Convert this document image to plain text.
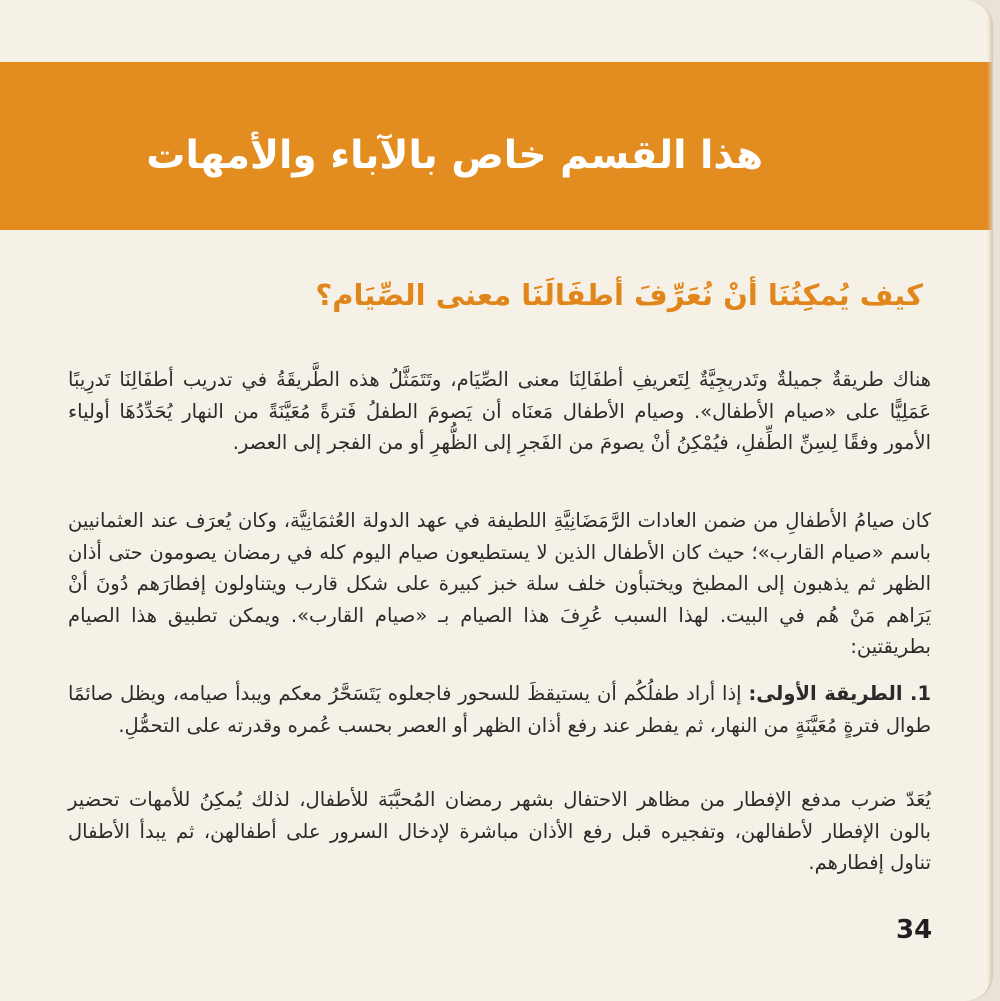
هذا القسم خاص بالآباء والأمهات
كيف يُمكِنُنَا أنْ نُعَرِّفَ أطفَالَنَا معنى الصِّيَام؟

هناك طريقةٌ جميلةٌ وتَدريجِيَّةٌ لِتَعريفِ أطفَالِنَا معنى الصِّيَام، وتَتَمَثَّلُ هذه الطَّريقَةُ في تدريب أطفَالِنَا تَدرِيبًا عَمَلِيًّا على «صيام الأطفال». وصيام الأطفال مَعنَاه أن يَصومَ الطفلُ فَترةً مُعَيَّنَةً من النهار يُحَدِّدُهَا أولياء الأمور وفقًا لِسِنِّ الطِّفلِ، فيُمْكِنُ أنْ يصومَ من الفَجرِ إلى الظُّهرِ أو من الفجر إلى العصر.

كان صيامُ الأطفالِ من ضمن العادات الرَّمَضَانِيَّةِ اللطيفة في عهد الدولة العُثمَانِيَّة، وكان يُعرَف عند العثمانيين باسم «صيام القارب»؛ حيث كان الأطفال الذين لا يستطيعون صيام اليوم كله في رمضان يصومون حتى أذان الظهر ثم يذهبون إلى المطبخ ويختبأون خلف سلة خبز كبيرة على شكل قارب ويتناولون إفطارَهم دُونَ أنْ يَرَاهم مَنْ هُم في البيت. لهذا السبب عُرِفَ هذا الصيام بـ «صيام القارب». ويمكن تطبيق هذا الصيام بطريقتين:

1. الطريقة الأولى: إذا أراد طفلُكُم أن يستيقظَ للسحور فاجعلوه يَتَسَحَّرُ معكم ويبدأ صيامه، ويظل صائمًا طوال فترةٍ مُعَيَّنَةٍ من النهار، ثم يفطر عند رفع أذان الظهر أو العصر بحسب عُمره وقدرته على التحمُّلِ.

يُعَدّ ضرب مدفع الإفطار من مظاهر الاحتفال بشهر رمضان المُحبَّبَة للأطفال، لذلك يُمكِنُ للأمهات تحضير بالون الإفطار لأطفالهن، وتفجيره قبل رفع الأذان مباشرة لإدخال السرور على أطفالهن، ثم يبدأ الأطفال تناول إفطارهم.

34
